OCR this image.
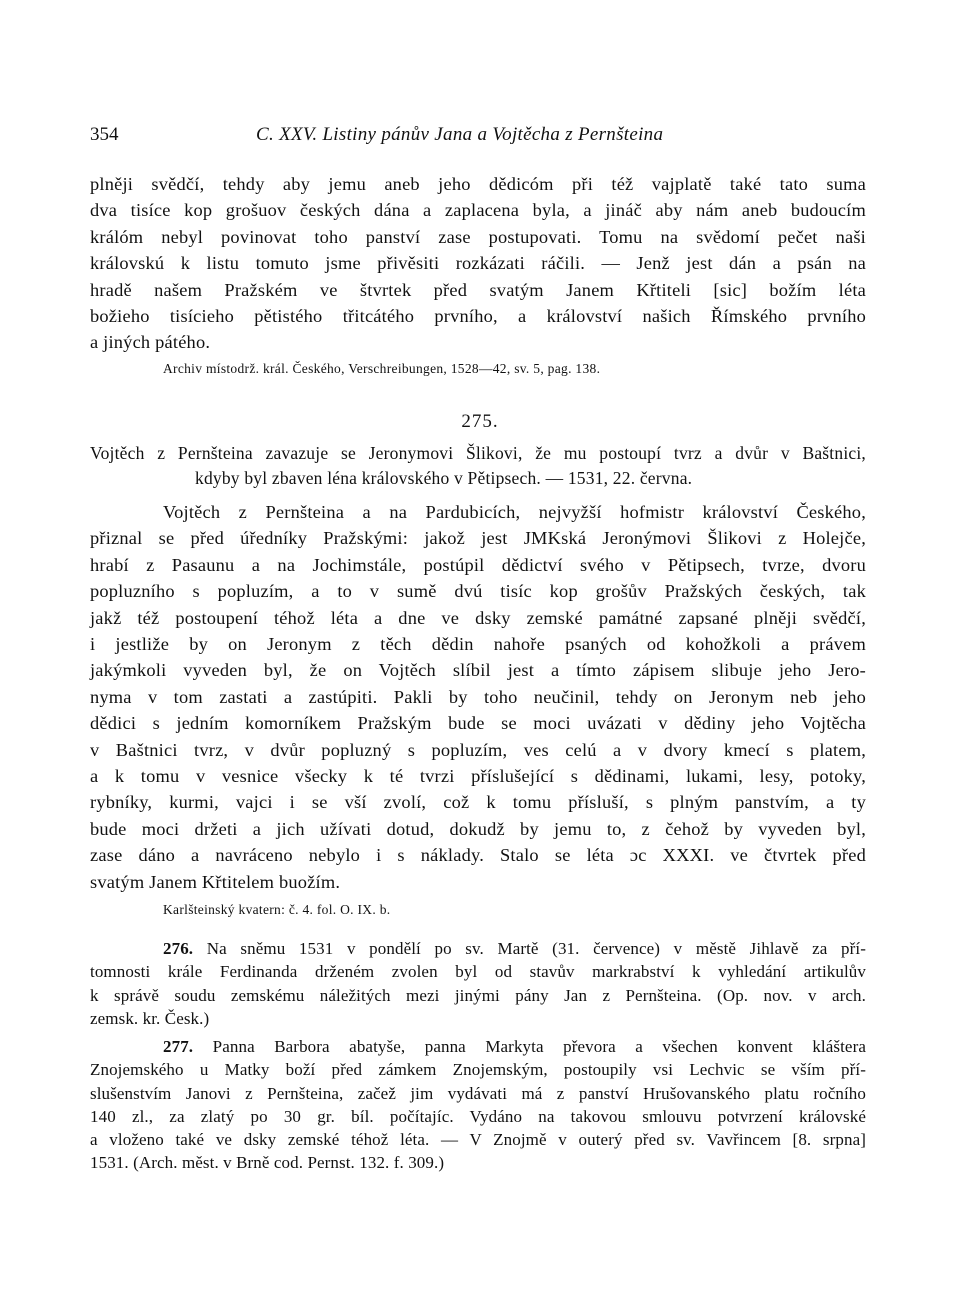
354	C. XXV. Listiny pánův Jana a Vojtěcha z Pernšteina
plněji svědčí, tehdy aby jemu aneb jeho dědicóm při též vajplatě také tato suma
dva tisíce kop grošuov českých dána a zaplacena byla, a jináč aby nám aneb budoucím
králóm nebyl povinovat toho panství zase postupovati. Tomu na svědomí pečet naši
královskú k listu tomuto jsme přivěsiti rozkázati ráčili. — Jenž jest dán a psán na
hradě našem Pražském ve štvrtek před svatým Janem Křtiteli [sic] božím léta
božieho tisícieho pětistého třitcátého prvního, a království našich Římského prvního
a jiných pátého.
Archiv místodrž. král. Českého, Verschreibungen, 1528—42, sv. 5, pag. 138.
275.
Vojtěch z Pernšteina zavazuje se Jeronymovi Šlikovi, že mu postoupí tvrz a dvůr v Baštnici,
kdyby byl zbaven léna královského v Pětipsech. — 1531, 22. června.
Vojtěch z Pernšteina a na Pardubicích, nejvyžší hofmistr království Českého,
přiznal se před úředníky Pražskými: jakož jest JMKská Jeronýmovi Šlikovi z Holejče,
hrabí z Pasaunu a na Jochimstále, postúpil dědictví svého v Pětipsech, tvrze, dvoru
popluzního s popluzím, a to v sumě dvú tisíc kop grošův Pražských českých, tak
jakž též postoupení téhož léta a dne ve dsky zemské památné zapsané plněji svědčí,
i jestliže by on Jeronym z těch dědin nahoře psaných od kohožkoli a právem
jakýmkoli vyveden byl, že on Vojtěch slíbil jest a tímto zápisem slibuje jeho Jero-
nyma v tom zastati a zastúpiti. Pakli by toho neučinil, tehdy on Jeronym neb jeho
dědici s jedním komorníkem Pražským bude se moci uvázati v dědiny jeho Vojtěcha
v Baštnici tvrz, v dvůr popluzný s popluzím, ves celú a v dvory kmecí s platem,
a k tomu v vesnice všecky k té tvrzi příslušející s dědinami, lukami, lesy, potoky,
rybníky, kurmi, vajci i se vší zvolí, což k tomu přísluší, s plným panstvím, a ty
bude moci držeti a jich užívati dotud, dokudž by jemu to, z čehož by vyveden byl,
zase dáno a navráceno nebylo i s náklady. Stalo se léta ɔc XXXI. ve čtvrtek před
svatým Janem Křtitelem buožím.
Karlšteinský kvatern: č. 4. fol. O. IX. b.
276. Na sněmu 1531 v pondělí po sv. Martě (31. července) v městě Jihlavě za pří-
tomnosti krále Ferdinanda drženém zvolen byl od stavův markrabství k vyhledání artikulův
k správě soudu zemskému náležitých mezi jinými pány Jan z Pernšteina. (Op. nov. v arch.
zemsk. kr. Česk.)
277. Panna Barbora abatyše, panna Markyta převora a všechen konvent kláštera
Znojemského u Matky boží před zámkem Znojemským, postoupily vsi Lechvic se vším pří-
slušenstvím Janovi z Pernšteina, začež jim vydávati má z panství Hrušovanského platu ročního
140 zl., za zlatý po 30 gr. bíl. počítajíc. Vydáno na takovou smlouvu potvrzení královské
a vloženo také ve dsky zemské téhož léta. — V Znojmě v outerý před sv. Vavřincem [8. srpna]
1531. (Arch. měst. v Brně cod. Pernst. 132. f. 309.)
